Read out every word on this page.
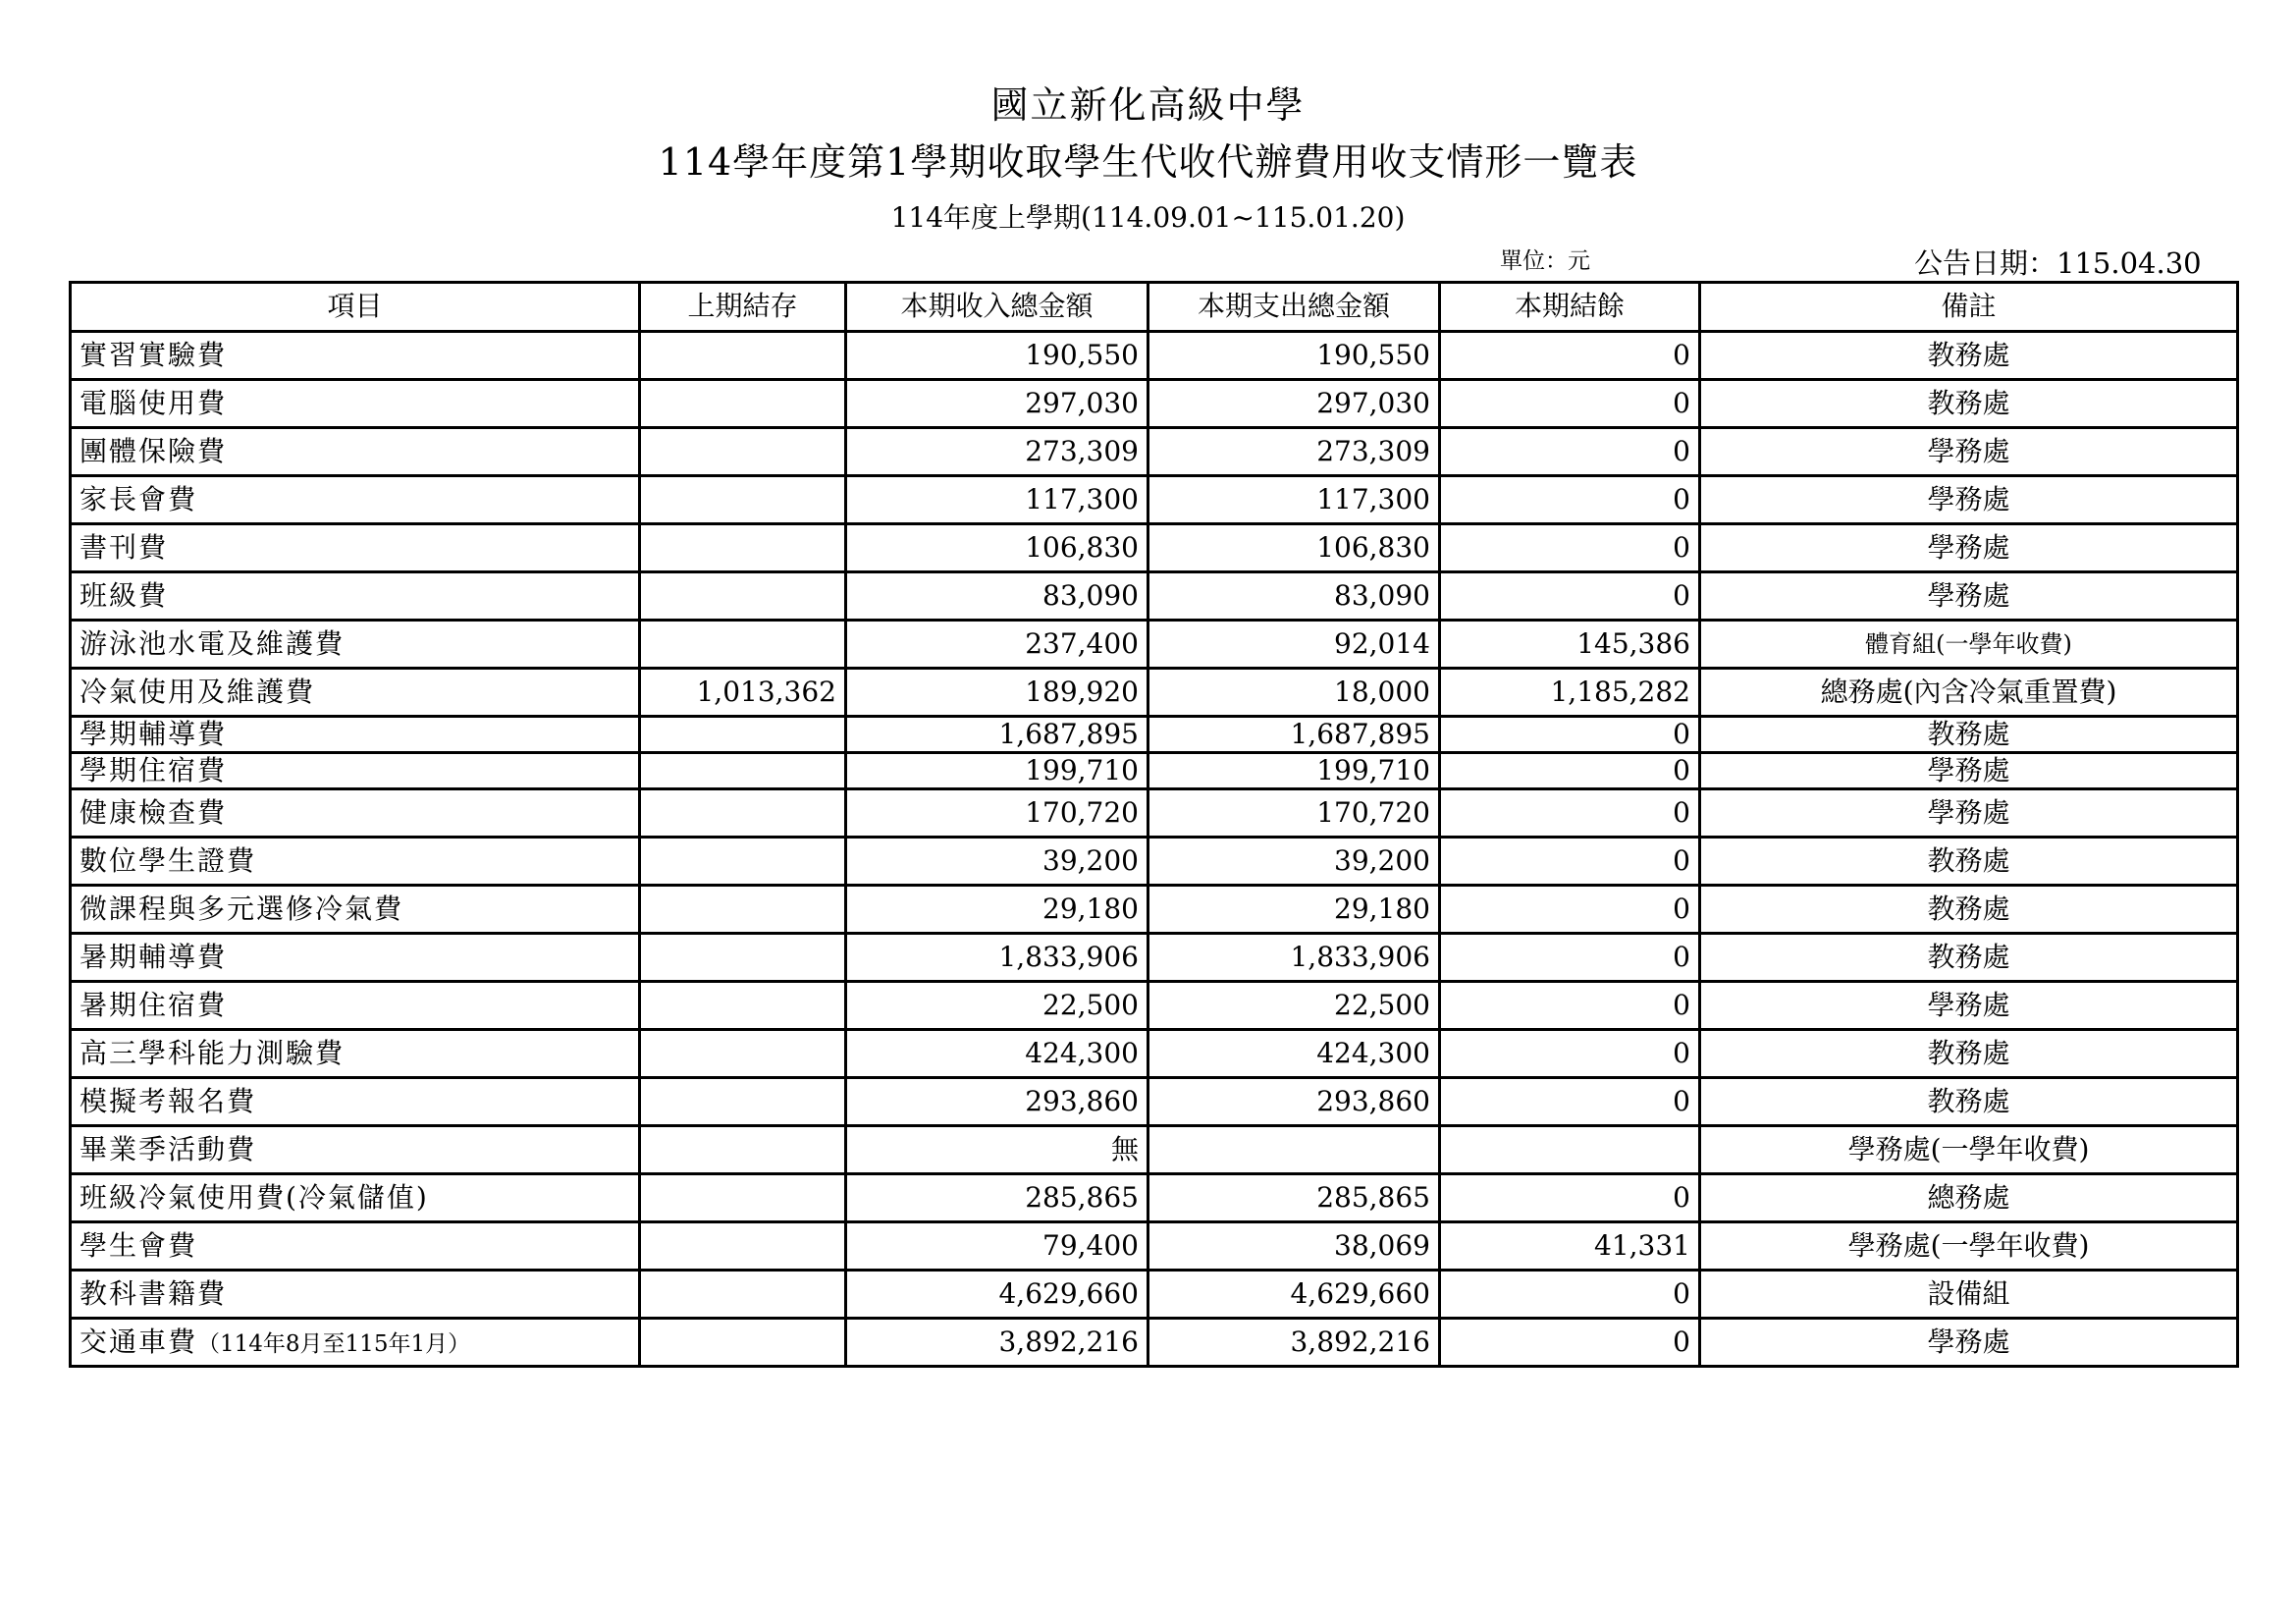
國立新化高級中學
114學年度第1學期收取學生代收代辦費用收支情形一覽表
114年度上學期(114.09.01~115.01.20)
單位：元	公告日期：115.04.30
項目	上期結存	本期收入總金額	本期支出總金額	本期結餘	備註
實習實驗費		190,550	190,550	0	教務處
電腦使用費		297,030	297,030	0	教務處
團體保險費		273,309	273,309	0	學務處
家長會費		117,300	117,300	0	學務處
書刊費		106,830	106,830	0	學務處
班級費		83,090	83,090	0	學務處
游泳池水電及維護費		237,400	92,014	145,386	體育組(一學年收費)
冷氣使用及維護費	1,013,362	189,920	18,000	1,185,282	總務處(內含冷氣重置費)
學期輔導費		1,687,895	1,687,895	0	教務處
學期住宿費		199,710	199,710	0	學務處
健康檢查費		170,720	170,720	0	學務處
數位學生證費		39,200	39,200	0	教務處
微課程與多元選修冷氣費		29,180	29,180	0	教務處
暑期輔導費		1,833,906	1,833,906	0	教務處
暑期住宿費		22,500	22,500	0	學務處
高三學科能力測驗費		424,300	424,300	0	教務處
模擬考報名費		293,860	293,860	0	教務處
畢業季活動費		無			學務處(一學年收費)
班級冷氣使用費(冷氣儲值)		285,865	285,865	0	總務處
學生會費		79,400	38,069	41,331	學務處(一學年收費)
教科書籍費		4,629,660	4,629,660	0	設備組
交通車費（114年8月至115年1月）		3,892,216	3,892,216	0	學務處
